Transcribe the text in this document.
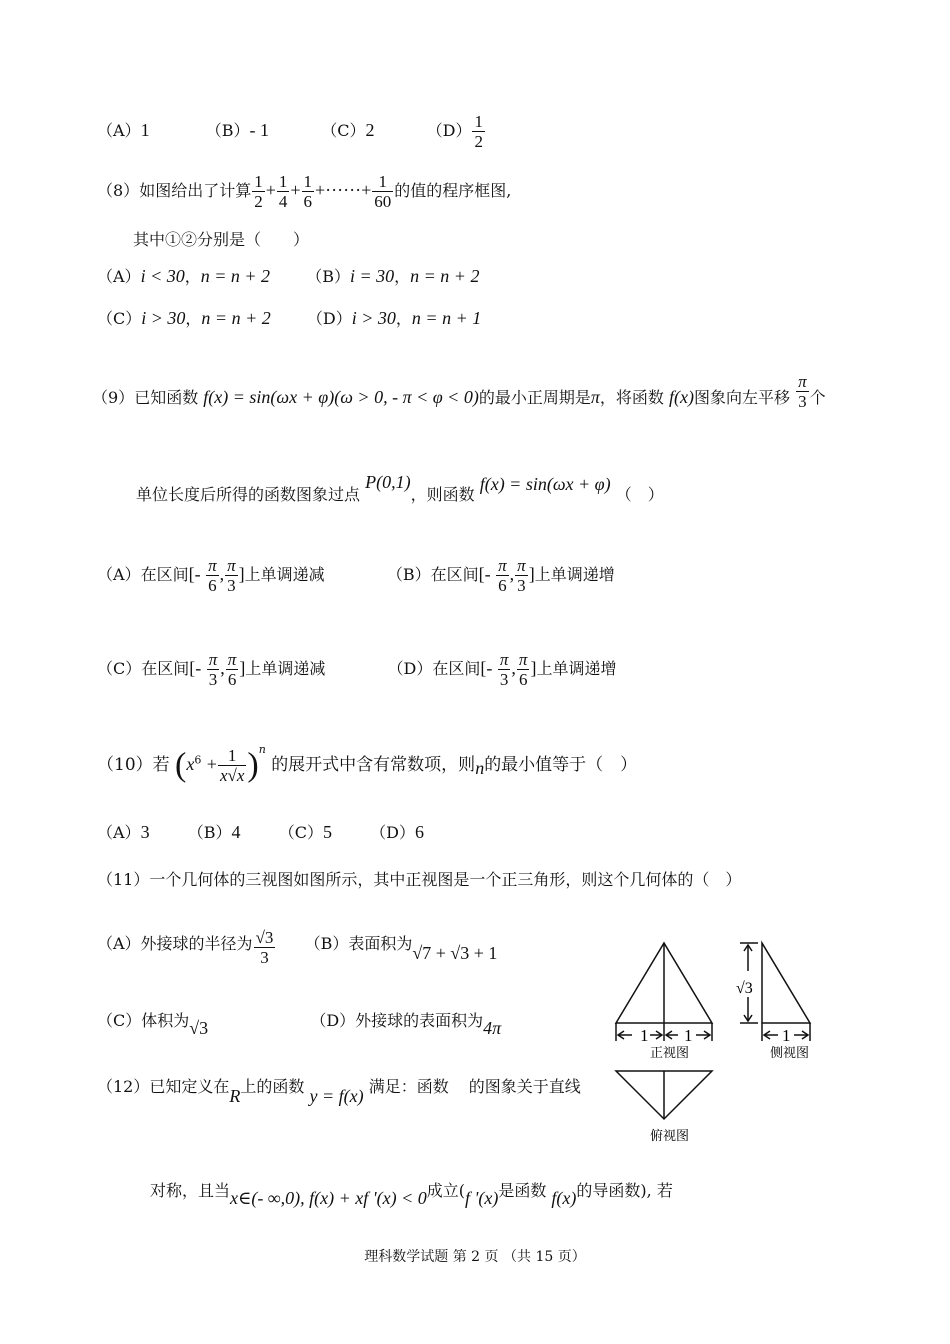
（A）1	（B）- 1	（C）2	$(D) \frac{1}{2}$
（8）如图给出了计算 $\frac{1}{2} + \frac{1}{4} + \frac{1}{6}$ +······+ $\frac{1}{60}$ 的值的程序框图,
其中①②分别是（　　）
（A）i < 30，n = n + 2 （B）i = 30，n = n + 2
（C）i > 30，n = n + 2 （D）i > 30，n = n + 1
（9）已知函数 f(x) = sin(ωx + φ)(ω > 0, - π < φ < 0)的最小正周期是π，将函数 f(x)图象向左平移 $\frac{\pi}{3}$ 个
单位长度后所得的函数图象过点 P(0,1)，则函数 f(x) = sin(ωx + φ) （　）
（A）在区间[- $\frac{\pi}{6}$ , $\frac{\pi}{3}$ ]上单调递减	（B）在区间[- $\frac{\pi}{6}$ , $\frac{\pi}{3}$ ]上单调递增
（C）在区间[- $\frac{\pi}{3}$ , $\frac{\pi}{6}$ ]上单调递减	（D）在区间[- $\frac{\pi}{3}$ , $\frac{\pi}{6}$ ]上单调递增
（10）若 $(x^6 + \frac{1}{x√x} )^n$ 的展开式中含有常数项，则n的最小值等于（　）
（A）3 （B）4 （C）5 （D）6
（11）一个几何体的三视图如图所示，其中正视图是一个正三角形，则这个几何体的（　）
（A）外接球的半径为 $\frac{√3}{3} (B)$表面积为√7 + √3 + 1
（C）体积为√3	（D）外接球的表面积为4π	1 1
正视图
√3
1
侧视图
俯视图
（12）已知定义在R上的函数 y = f(x) 满足：函数 的图象关于直线
对称，且当x∈(- ∞,0), f(x) + xf '(x) < 0成立(f '(x)是函数 f(x)的导函数), 若
理科数学试题 第 2 页 （共 15 页）
